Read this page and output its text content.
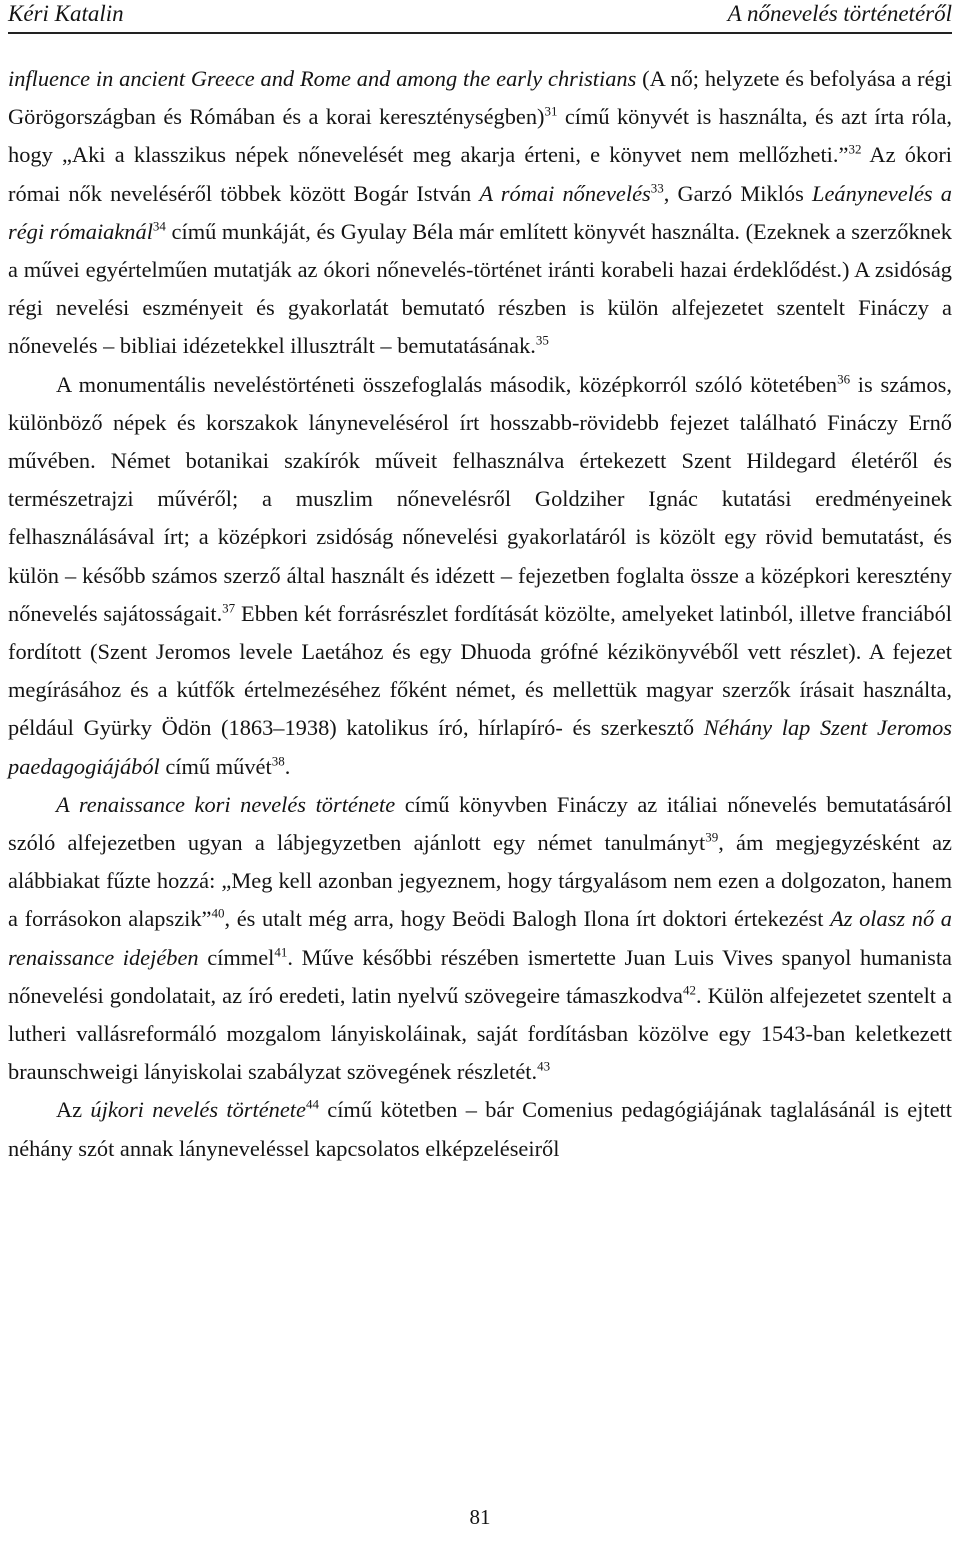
Kéri Katalin	A nőnevelés történetéről

influence in ancient Greece and Rome and among the early christians (A nő; helyzete és befolyása a régi Görögországban és Rómában és a korai kereszténységben)$^{31}$ című könyvét is használta, és azt írta róla, hogy „Aki a klasszikus népek nőnevelését meg akarja érteni, e könyvet nem mellőzheti.”$^{32}$ Az ókori római nők neveléséről többek között Bogár István A római nőnevelés$^{33}$, Garzó Miklós Leánynevelés a régi rómaiaknál$^{34}$ című munkáját, és Gyulay Béla már említett könyvét használta. (Ezeknek a szerzőknek a művei egyértelműen mutatják az ókori nőnevelés-történet iránti korabeli hazai érdeklődést.) A zsidóság régi nevelési eszményeit és gyakorlatát bemutató részben is külön alfejezetet szentelt Fináczy a nőnevelés – bibliai idézetekkel illusztrált – bemutatásának.$^{35}$

A monumentális neveléstörténeti összefoglalás második, középkorról szóló kötetében$^{36}$ is számos, különböző népek és korszakok lánynevelésérol írt hosszabb-rövidebb fejezet található Fináczy Ernő művében. Német botanikai szakírók műveit felhasználva értekezett Szent Hildegard életéről és természetrajzi művéről; a muszlim nőnevelésről Goldziher Ignác kutatási eredményeinek felhasználásával írt; a középkori zsidóság nőnevelési gyakorlatáról is közölt egy rövid bemutatást, és külön – később számos szerző által használt és idézett – fejezetben foglalta össze a középkori keresztény nőnevelés sajátosságait.$^{37}$ Ebben két forrásrészlet fordítását közölte, amelyeket latinból, illetve franciából fordított (Szent Jeromos levele Laetához és egy Dhuoda grófné kézikönyvéből vett részlet). A fejezet megírásához és a kútfők értelmezéséhez főként német, és mellettük magyar szerzők írásait használta, például Gyürky Ödön (1863–1938) katolikus író, hírlapíró- és szerkesztő Néhány lap Szent Jeromos paedagogiájából című művét$^{38}$.

A renaissance kori nevelés története című könyvben Fináczy az itáliai nőnevelés bemutatásáról szóló alfejezetben ugyan a lábjegyzetben ajánlott egy német tanulmányt$^{39}$, ám megjegyzésként az alábbiakat fűzte hozzá: „Meg kell azonban jegyeznem, hogy tárgyalásom nem ezen a dolgozaton, hanem a forrásokon alapszik”$^{40}$, és utalt még arra, hogy Beödi Balogh Ilona írt doktori értekezést Az olasz nő a renaissance idejében címmel$^{41}$. Műve későbbi részében ismertette Juan Luis Vives spanyol humanista nőnevelési gondolatait, az író eredeti, latin nyelvű szövegeire támaszkodva$^{42}$. Külön alfejezetet szentelt a lutheri vallásreformáló mozgalom lányiskoláinak, saját fordításban közölve egy 1543-ban keletkezett braunschweigi lányiskolai szabályzat szövegének részletét.$^{43}$

Az újkori nevelés története$^{44}$ című kötetben – bár Comenius pedagógiájának taglalásánál is ejtett néhány szót annak lányneveléssel kapcsolatos elképzeléseiről

81
